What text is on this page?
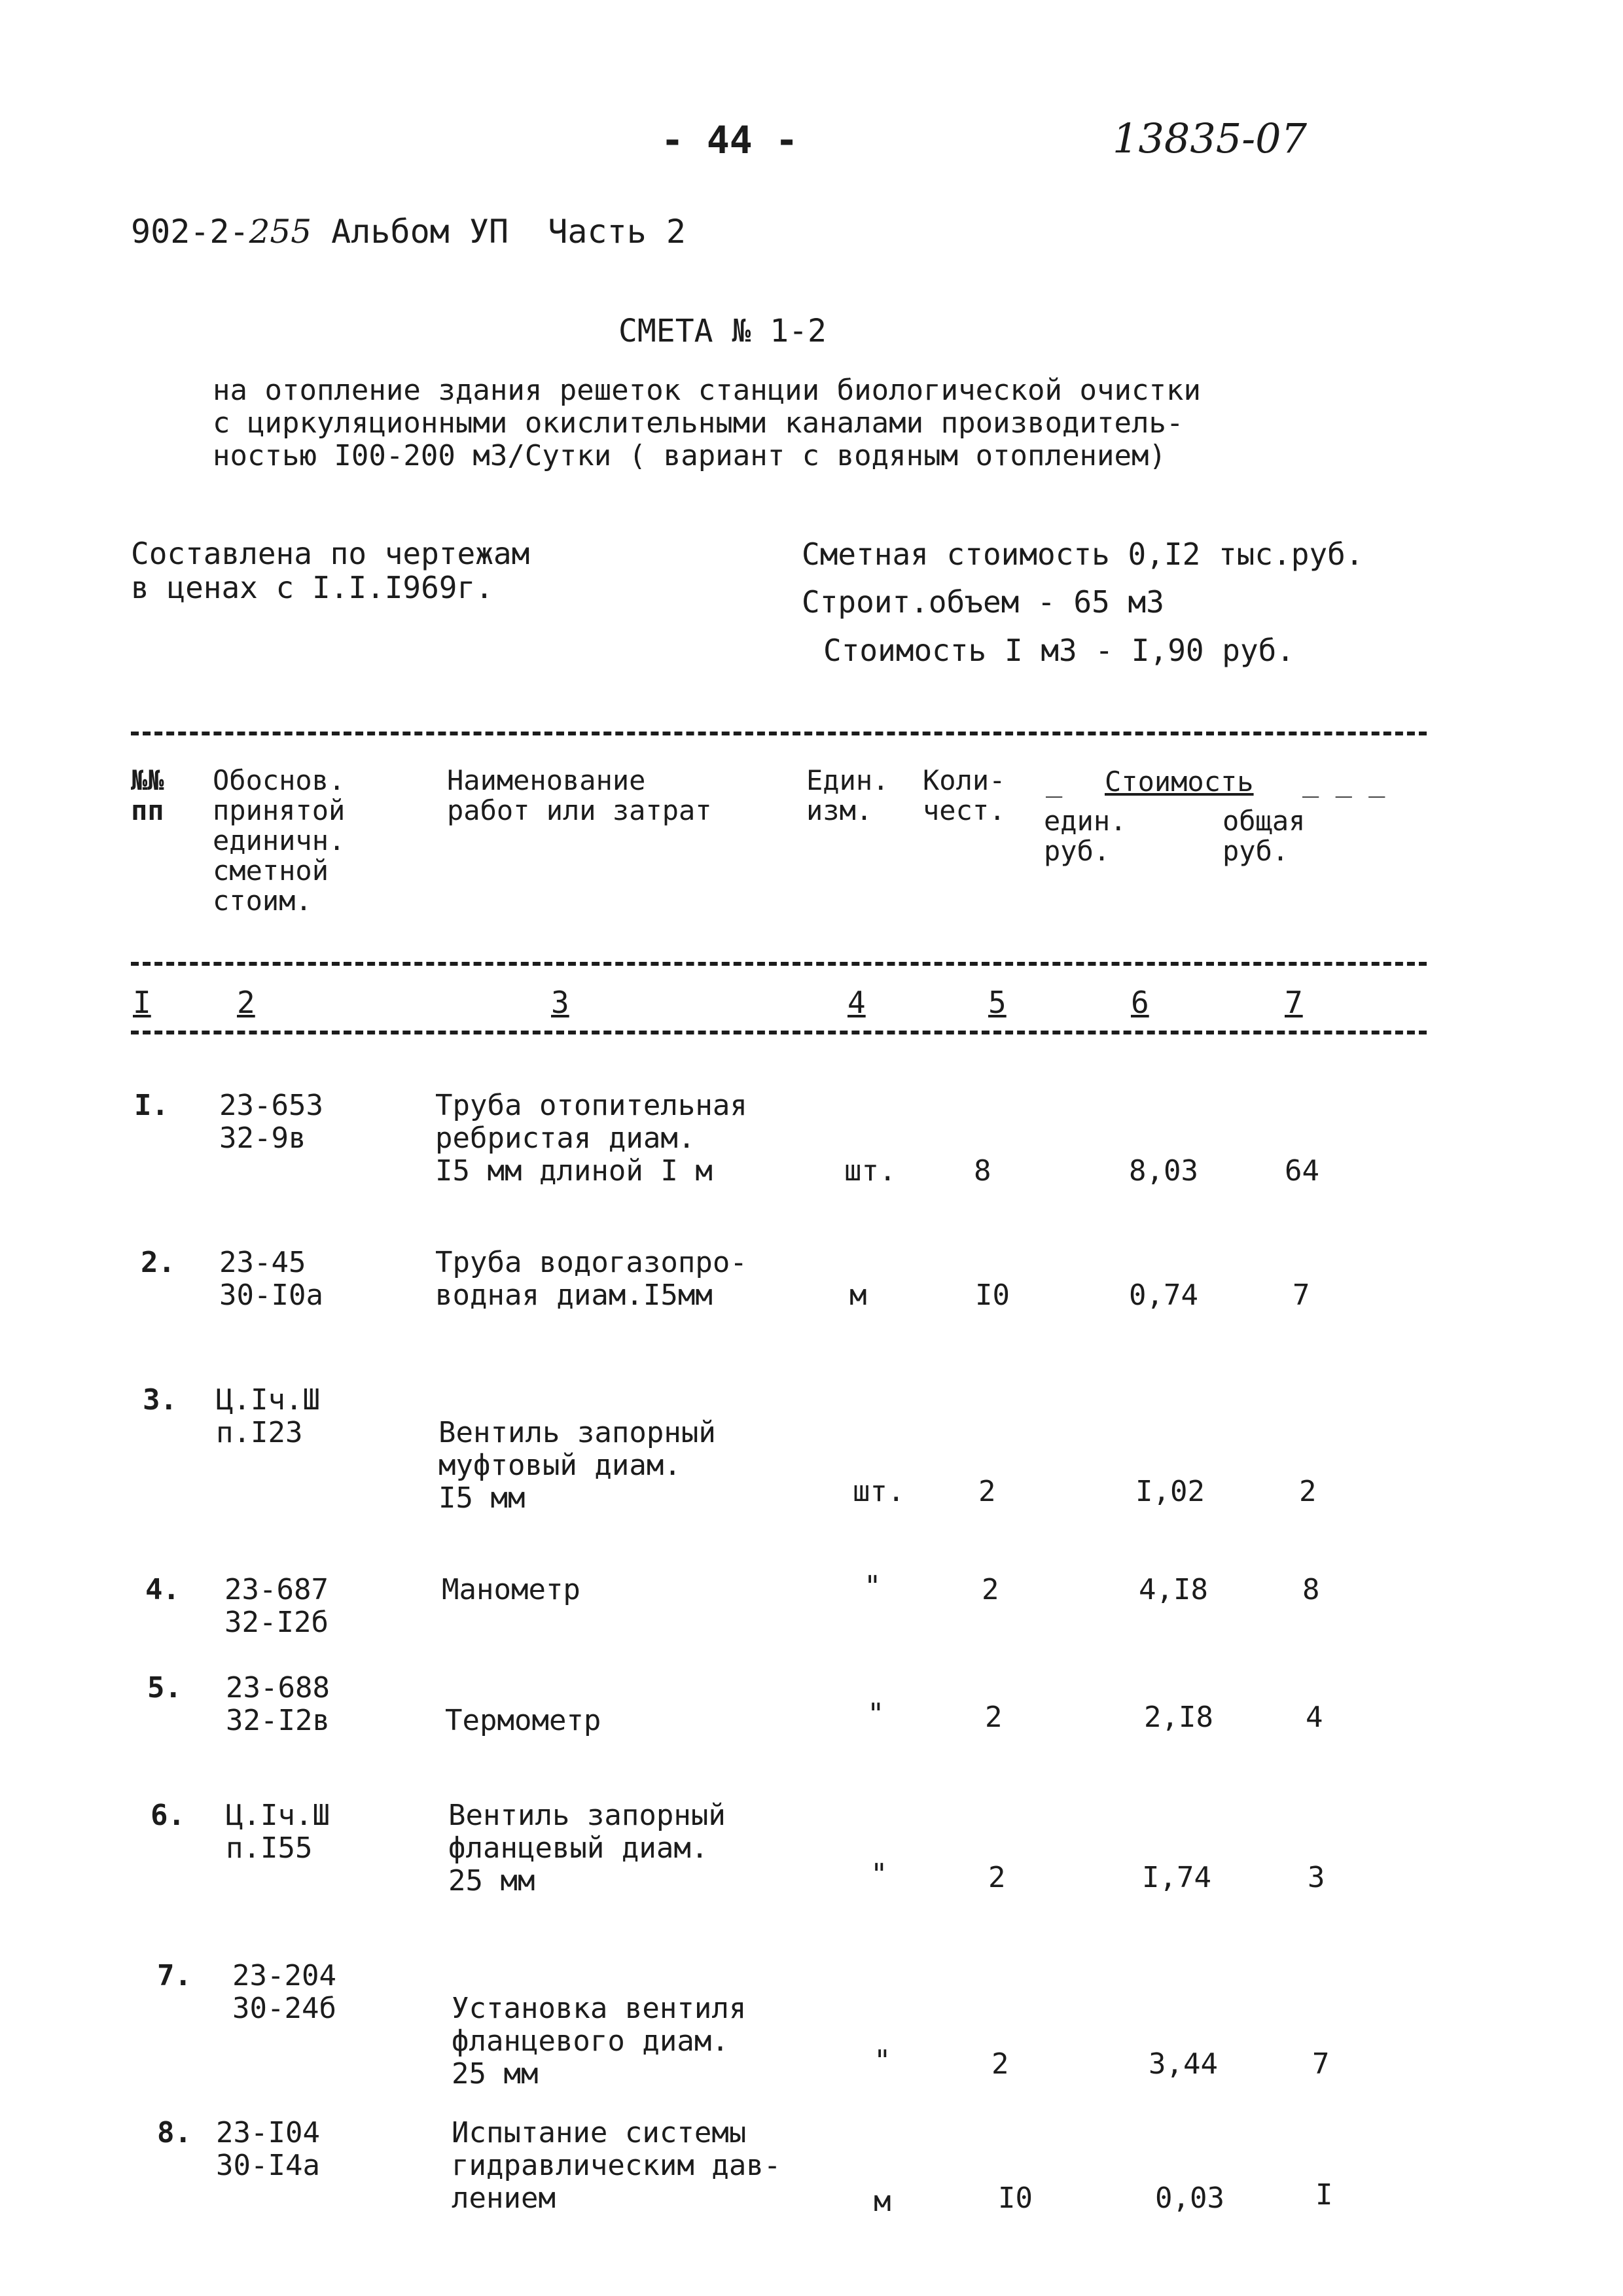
- 44 -	13835-07
902-2-255 Альбом УП  Часть 2
СМЕТА № 1-2
на отопление здания решеток станции биологической очистки
с циркуляционными окислительными каналами производитель-
ностью I00-200 м3/Сутки ( вариант с водяным отоплением)
Составлена по чертежам
в ценах с I.I.I969г.
Сметная стоимость 0,I2 тыс.руб.
Строит.объем - 65 м3
Стоимость I м3 - I,90 руб.
№№
пп
Обоснов.
принятой
единичн.
сметной
стоим.
Наименование
работ или затрат
Един.
изм.
Коли-
чест.
_ Стоимость _ _ _
един.
руб.
общая
руб.
I	2	3	4	5	6	7
I. 23-653
32-9в
Труба отопительная
ребристая диам.
I5 мм длиной I м	шт.	8	8,03	64
2. 23-45
30-I0а
Труба водогазопро-
водная диам.I5мм	м	I0	0,74	7
3. Ц.Iч.Ш
п.I23	Вентиль запорный
муфтовый диам.
I5 мм	шт.	2	I,02	2
4. 23-687
32-I2б
Манометр	"	2	4,I8	8
5. 23-688
32-I2в	Термометр	"	2	2,I8	4
6. Ц.Iч.Ш
п.I55
Вентиль запорный
фланцевый диам.
25 мм	"	2	I,74	3
7. 23-204
30-24б	Установка вентиля
фланцевого диам.
25 мм	"	2	3,44	7
8. 23-I04
30-I4а
Испытание системы
гидравлическим дав-
лением	м	I0	0,03	I
